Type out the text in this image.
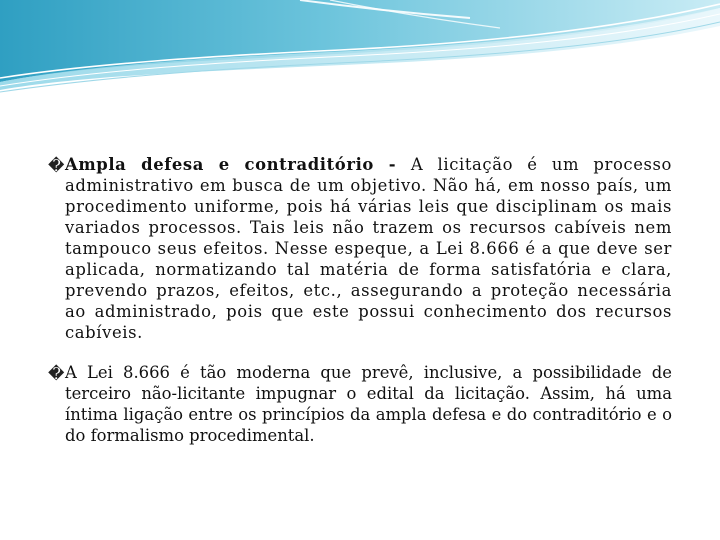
� Ampla defesa e contraditório - A licitação é um processo administrativo em busca de um objetivo. Não há, em nosso país, um procedimento uniforme, pois há várias leis que disciplinam os mais variados processos. Tais leis não trazem os recursos cabíveis nem tampouco seus efeitos. Nesse espeque, a Lei 8.666 é a que deve ser aplicada, normatizando tal matéria de forma satisfatória e clara, prevendo prazos, efeitos, etc., assegurando a proteção necessária ao administrado, pois que este possui conhecimento dos recursos cabíveis.
� A Lei 8.666 é tão moderna que prevê, inclusive, a possibilidade de terceiro não-licitante impugnar o edital da licitação. Assim, há uma íntima ligação entre os princípios da ampla defesa e do contraditório e o do formalismo procedimental.
